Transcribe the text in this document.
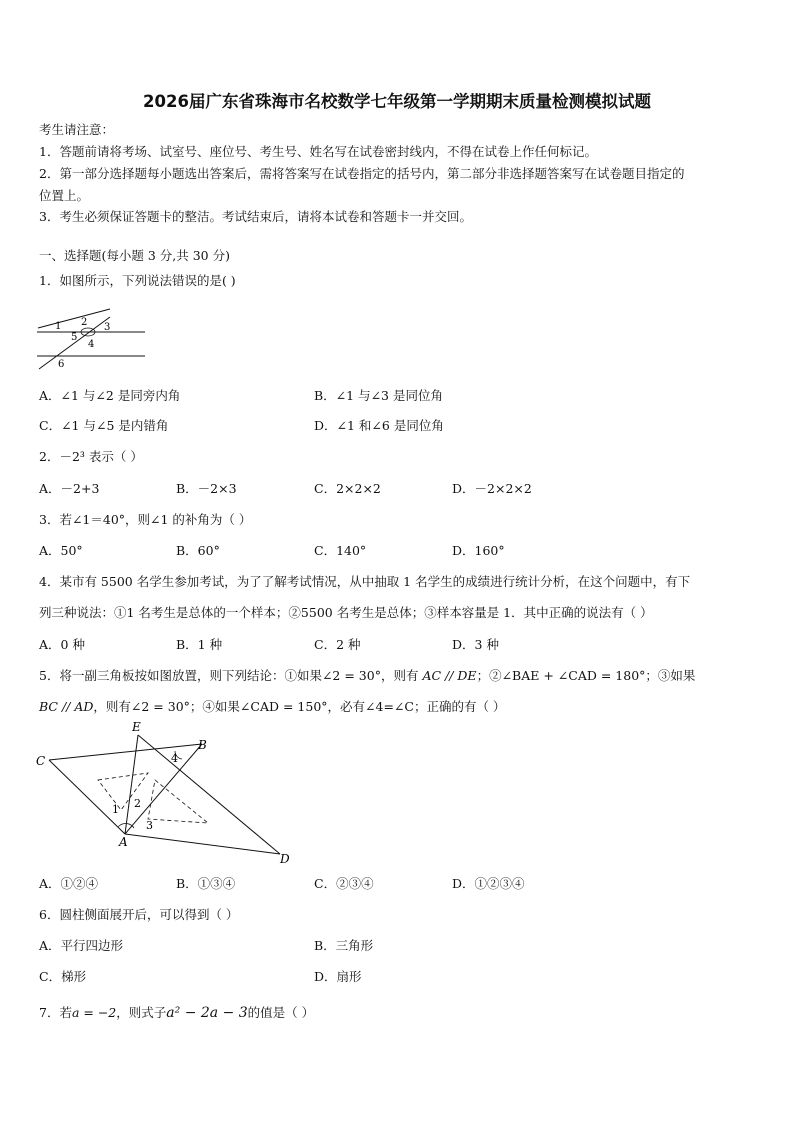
2026届广东省珠海市名校数学七年级第一学期期末质量检测模拟试题
考生请注意：
1．答题前请将考场、试室号、座位号、考生号、姓名写在试卷密封线内，不得在试卷上作任何标记。
2．第一部分选择题每小题选出答案后，需将答案写在试卷指定的括号内，第二部分非选择题答案写在试卷题目指定的
位置上。
3．考生必须保证答题卡的整洁。考试结束后，请将本试卷和答题卡一并交回。
一、选择题(每小题 3 分,共 30 分)
1．如图所示，下列说法错误的是( )
1 2 3
4
5
6
A．∠1 与∠2 是同旁内角	B．∠1 与∠3 是同位角
C．∠1 与∠5 是内错角	D．∠1 和∠6 是同位角
2．－2³ 表示（ ）
A．－2+3	B．－2×3	C．2×2×2	D．－2×2×2
3．若∠1＝40°，则∠1 的补角为（ ）
A．50°	B．60°	C．140°	D．160°
4．某市有 5500 名学生参加考试，为了了解考试情况，从中抽取 1 名学生的成绩进行统计分析，在这个问题中，有下
列三种说法：①1 名考生是总体的一个样本；②5500 名考生是总体；③样本容量是 1．其中正确的说法有（ ）
A．0 种	B．1 种	C．2 种	D．3 种
5．将一副三角板按如图放置，则下列结论：①如果∠2 = 30°，则有 AC // DE；②∠BAE + ∠CAD = 180°；③如果
BC // AD，则有∠2 = 30°；④如果∠CAD = 150°，必有∠4=∠C；正确的有（ ）
E
B
C	4
1 2
3
A
D
A．①②④	B．①③④	C．②③④	D．①②③④
6．圆柱侧面展开后，可以得到（ ）
A．平行四边形	B．三角形
C．梯形	D．扇形
7．若a = −2，则式子a² − 2a − 3的值是（ ）
